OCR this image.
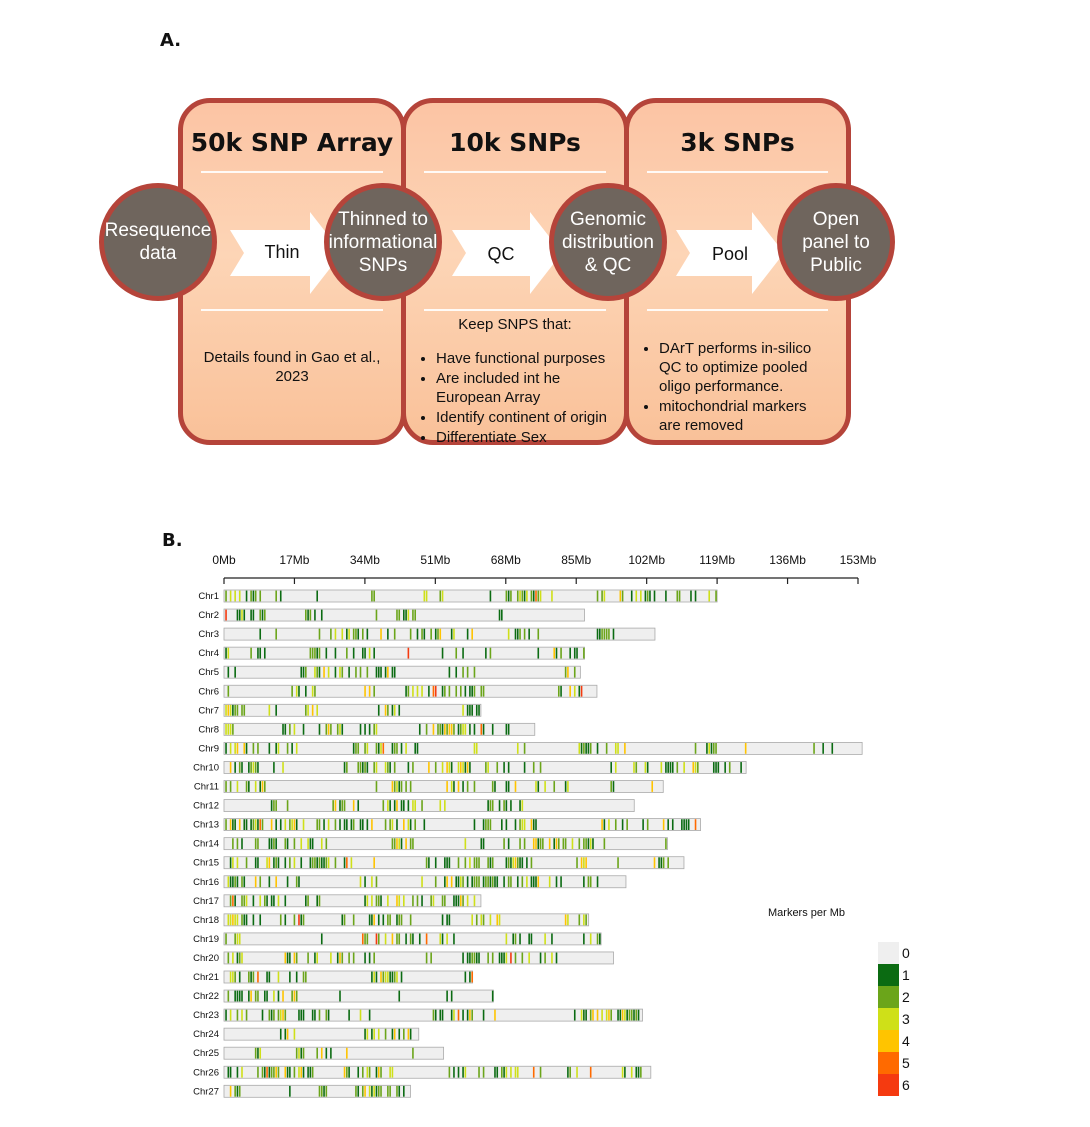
A.
50k SNP Array
Details found in Gao et al., 2023
10k SNPs
Keep SNPS that:
• Have functional purposes
• Are included int he European Array
• Identify continent of origin
• Differentiate Sex
3k SNPs
• DArT performs in-silico QC to optimize pooled oligo performance.
• mitochondrial markers are removed
Thin	QC	Pool
Resequence
data
Thinned to
informational
SNPs
Genomic
distribution
& QC
Open
panel to
Public
B.
0Mb	17Mb	34Mb	51Mb	68Mb	85Mb	102Mb	119Mb	136Mb	153Mb
Chr1
Chr2
Chr3
Chr4
Chr5
Chr6
Chr7
Chr8
Chr9
Chr10
Chr11
Chr12
Chr13
Chr14
Chr15
Chr16
Chr17
Chr18
Chr19
Chr20
Chr21
Chr22
Chr23
Chr24
Chr25
Chr26
Chr27
Markers per Mb
0
1
2
3
4
5
6
